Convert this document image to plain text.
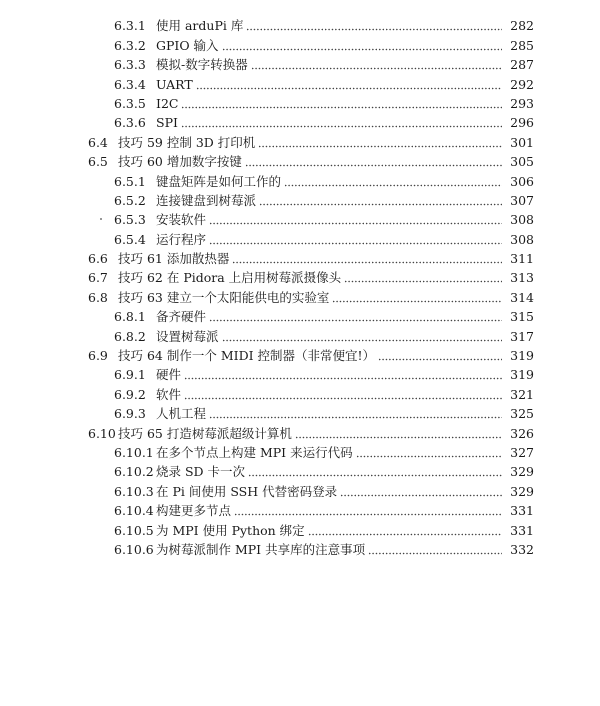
6.3.1 使用 arduPi 库	282
6.3.2 GPIO 输入	285
6.3.3 模拟-数字转换器	287
6.3.4 UART	292
6.3.5 I2C	293
6.3.6 SPI	296
6.4 技巧 59 控制 3D 打印机	301
6.5 技巧 60 增加数字按键	305
6.5.1 键盘矩阵是如何工作的	306
6.5.2 连接键盘到树莓派	307
6.5.3 安装软件	308
6.5.4 运行程序	308
6.6 技巧 61 添加散热器	311
6.7 技巧 62 在 Pidora 上启用树莓派摄像头	313
6.8 技巧 63 建立一个太阳能供电的实验室	314
6.8.1 备齐硬件	315
6.8.2 设置树莓派	317
6.9 技巧 64 制作一个 MIDI 控制器（非常便宜!）	319
6.9.1 硬件	319
6.9.2 软件	321
6.9.3 人机工程	325
6.10 技巧 65 打造树莓派超级计算机	326
6.10.1 在多个节点上构建 MPI 来运行代码	327
6.10.2 烧录 SD 卡一次	329
6.10.3 在 Pi 间使用 SSH 代替密码登录	329
6.10.4 构建更多节点	331
6.10.5 为 MPI 使用 Python 绑定	331
6.10.6 为树莓派制作 MPI 共享库的注意事项	332
